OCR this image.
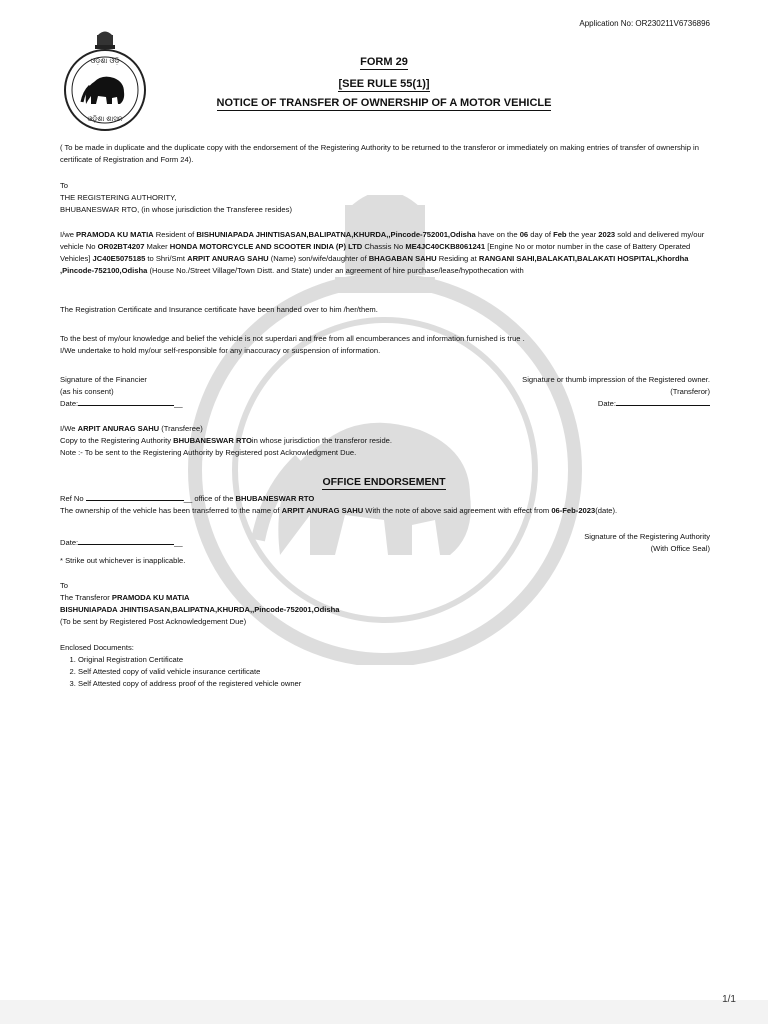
1/1
Application No: OR230211V6736896
ଓଡ଼ିଶା ଓଡ଼ି
ଓଡ଼ିଶା ଶାସନ
FORM 29
[SEE RULE 55(1)]
NOTICE OF TRANSFER OF OWNERSHIP OF A MOTOR VEHICLE
( To be made in duplicate and the duplicate copy with the endorsement of the Registering Authority to be returned to the transferor or immediately on making entries of transfer of ownership in certificate of Registration and Form 24).
To
THE REGISTERING AUTHORITY,
BHUBANESWAR RTO, (in whose jurisdiction the Transferee resides)
I/we PRAMODA KU MATIA Resident of BISHUNIAPADA JHINTISASAN,BALIPATNA,KHURDA,,Pincode-752001,Odisha have on the 06 day of Feb the year 2023 sold and delivered my/our vehicle No OR02BT4207 Maker HONDA MOTORCYCLE AND SCOOTER INDIA (P) LTD Chassis No ME4JC40CKB8061241 [Engine No or motor number in the case of Battery Operated Vehicles] JC40E5075185 to Shri/Smt ARPIT ANURAG SAHU (Name) son/wife/daughter of BHAGABAN SAHU Residing at RANGANI SAHI,BALAKATI,BALAKATI HOSPITAL,Khordha ,Pincode-752100,Odisha (House No./Street Village/Town Distt. and State) under an agreement of hire purchase/lease/hypothecation with
The Registration Certificate and Insurance certificate have been handed over to him /her/them.
To the best of my/our knowledge and belief the vehicle is not superdari and free from all encumberances and information furnished is true .
I/We undertake to hold my/our self-responsible for any inaccuracy or suspension of information.
Signature of the Financier
(as his consent)
Date:	__
Signature or thumb impression of the Registered owner.
(Transferor)
Date:
I/We ARPIT ANURAG SAHU (Transferee)
Copy to the Registering Authority BHUBANESWAR RTOin whose jurisdiction the transferor reside.
Note :- To be sent to the Registering Authority by Registered post Acknowledgment Due.
OFFICE ENDORSEMENT
Ref No	__ office of the BHUBANESWAR RTO
The ownership of the vehicle has been transferred to the name of ARPIT ANURAG SAHU With the note of above said agreement with effect from 06-Feb-2023(date).
Signature of the Registering Authority
(With Office Seal)
Date:	__
* Strike out whichever is inapplicable.
To
The Transferor PRAMODA KU MATIA
BISHUNIAPADA JHINTISASAN,BALIPATNA,KHURDA,,Pincode-752001,Odisha
(To be sent by Registered Post Acknowledgement Due)
Enclosed Documents:
1. Original Registration Certificate
2. Self Attested copy of valid vehicle insurance certificate
3. Self Attested copy of address proof of the registered vehicle owner
